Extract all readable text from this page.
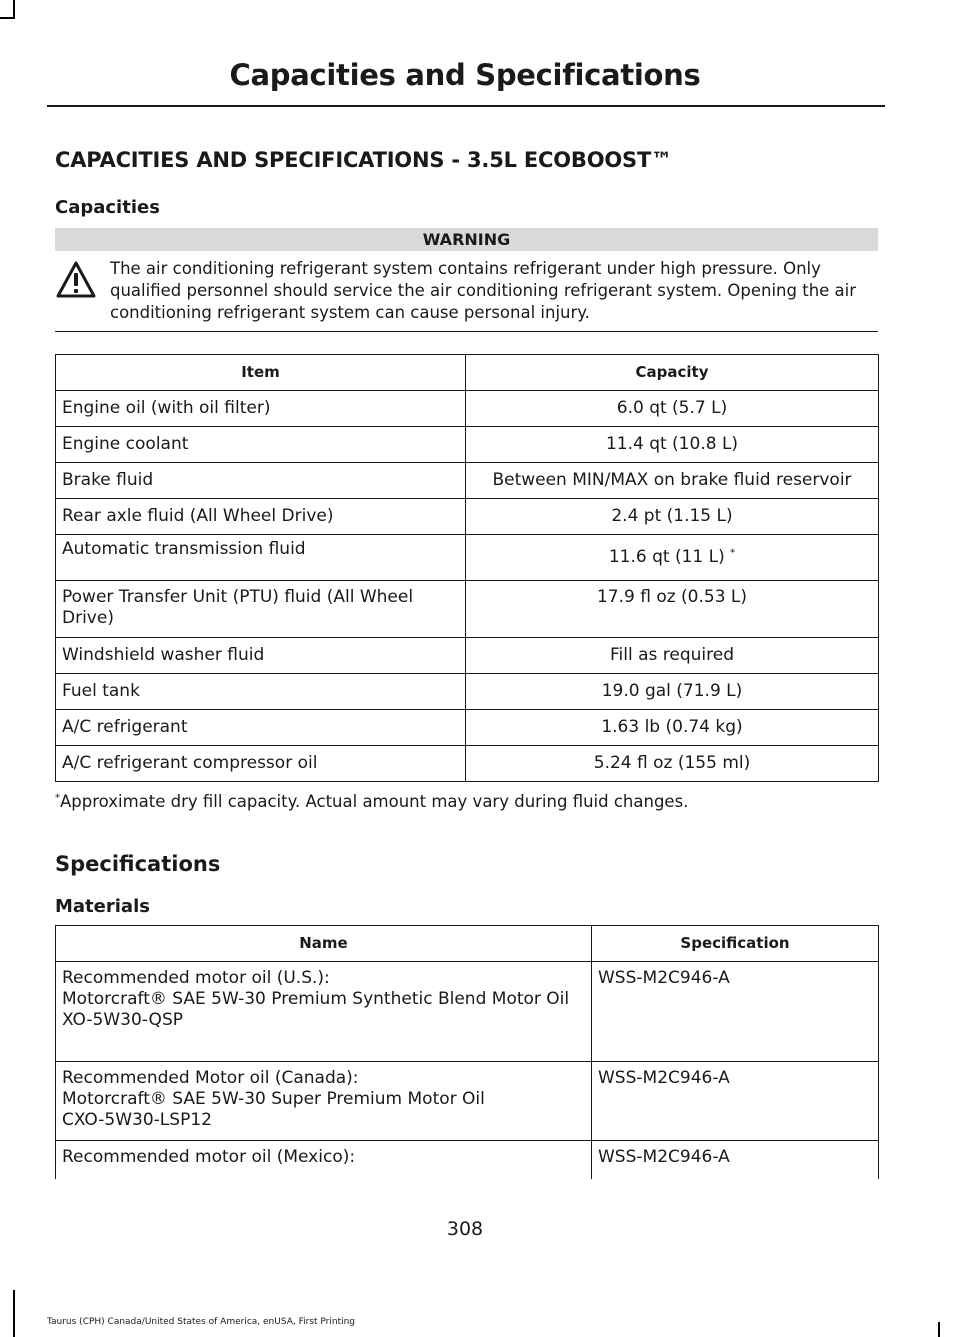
Capacities and Specifications
CAPACITIES AND SPECIFICATIONS - 3.5L ECOBOOST™
Capacities
WARNING
The air conditioning refrigerant system contains refrigerant under high pressure. Only qualified personnel should service the air conditioning refrigerant system. Opening the air conditioning refrigerant system can cause personal injury.
Item	Capacity
Engine oil (with oil filter)	6.0 qt (5.7 L)
Engine coolant	11.4 qt (10.8 L)
Brake fluid	Between MIN/MAX on brake fluid reservoir
Rear axle fluid (All Wheel Drive)	2.4 pt (1.15 L)
Automatic transmission fluid	11.6 qt (11 L) *
Power Transfer Unit (PTU) fluid (All Wheel Drive)	17.9 fl oz (0.53 L)
Windshield washer fluid	Fill as required
Fuel tank	19.0 gal (71.9 L)
A/C refrigerant	1.63 lb (0.74 kg)
A/C refrigerant compressor oil	5.24 fl oz (155 ml)
*Approximate dry fill capacity. Actual amount may vary during fluid changes.
Specifications
Materials
Name	Specification

Recommended motor oil (U.S.):
Motorcraft® SAE 5W-30 Premium Synthetic Blend Motor Oil
XO-5W30-QSP	WSS-M2C946-A

Recommended Motor oil (Canada):
Motorcraft® SAE 5W-30 Super Premium Motor Oil
CXO-5W30-LSP12	WSS-M2C946-A

Recommended motor oil (Mexico):	WSS-M2C946-A
308
Taurus (CPH) Canada/United States of America, enUSA, First Printing
